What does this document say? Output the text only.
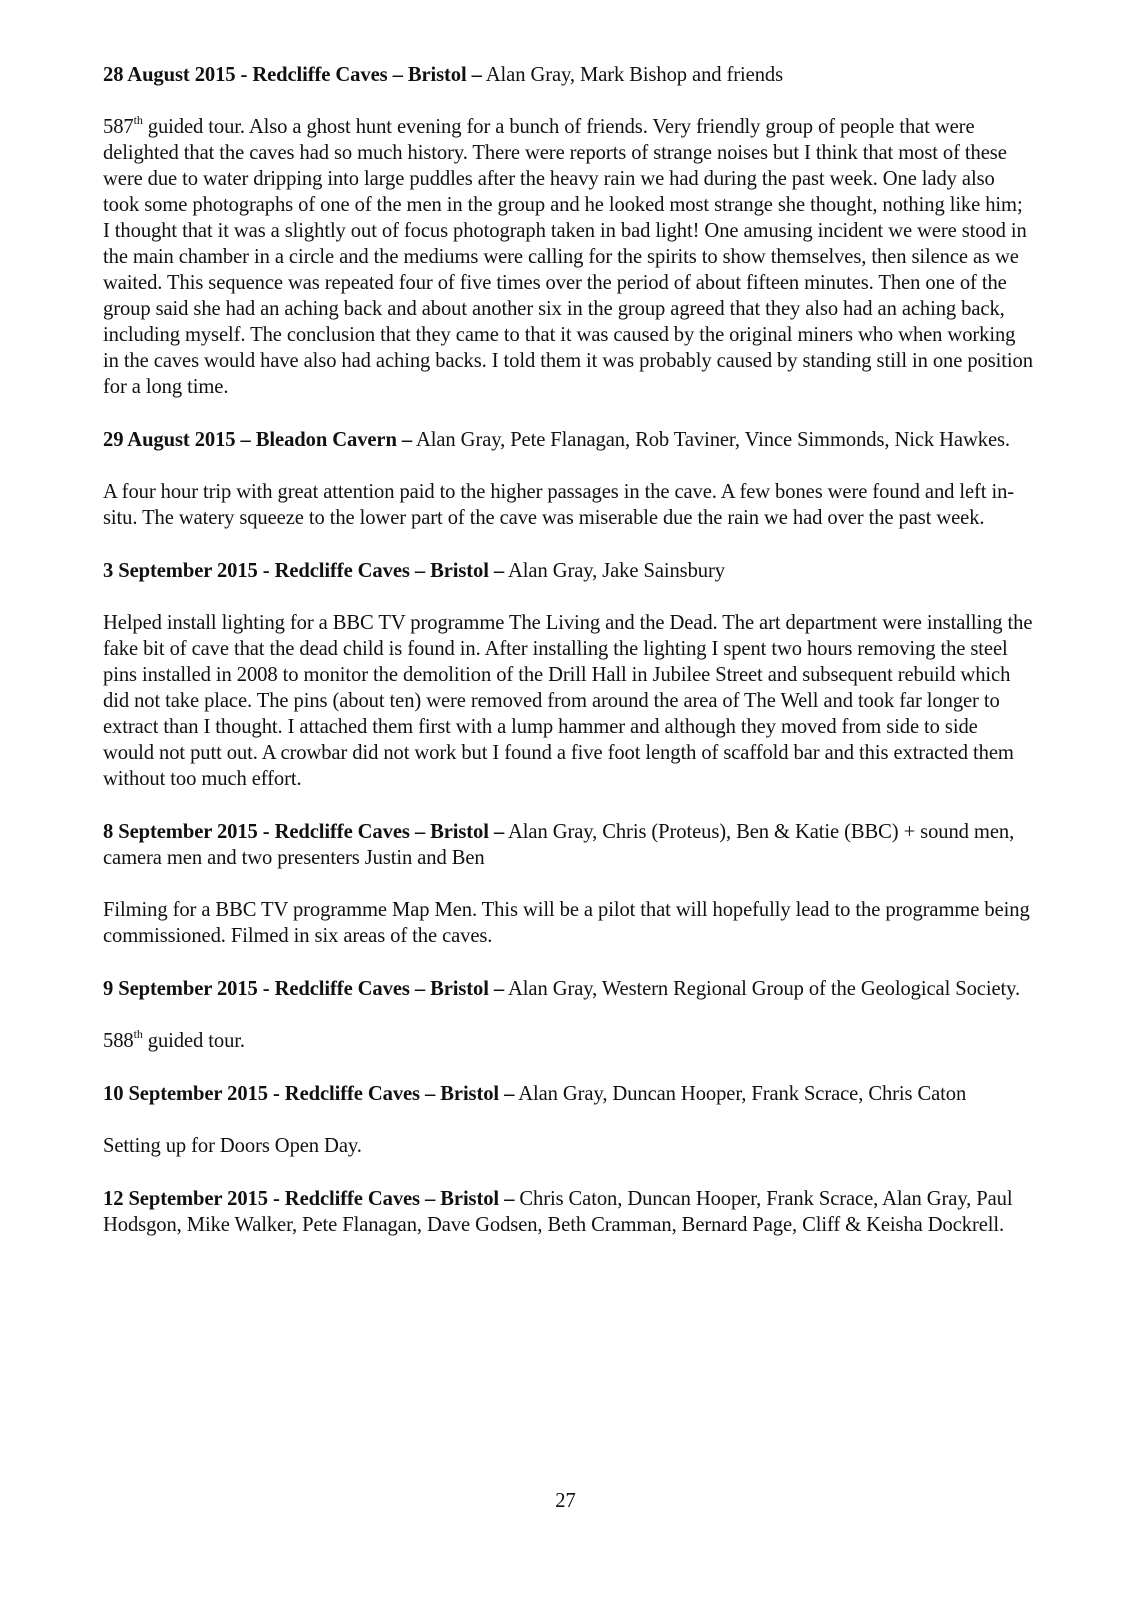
28 August 2015 - Redcliffe Caves – Bristol – Alan Gray, Mark Bishop and friends

587th guided tour. Also a ghost hunt evening for a bunch of friends. Very friendly group of people that were delighted that the caves had so much history. There were reports of strange noises but I think that most of these were due to water dripping into large puddles after the heavy rain we had during the past week. One lady also took some photographs of one of the men in the group and he looked most strange she thought, nothing like him; I thought that it was a slightly out of focus photograph taken in bad light! One amusing incident we were stood in the main chamber in a circle and the mediums were calling for the spirits to show themselves, then silence as we waited. This sequence was repeated four of five times over the period of about fifteen minutes. Then one of the group said she had an aching back and about another six in the group agreed that they also had an aching back, including myself. The conclusion that they came to that it was caused by the original miners who when working in the caves would have also had aching backs. I told them it was probably caused by standing still in one position for a long time.

29 August 2015 – Bleadon Cavern – Alan Gray, Pete Flanagan, Rob Taviner, Vince Simmonds, Nick Hawkes.

A four hour trip with great attention paid to the higher passages in the cave. A few bones were found and left in-situ. The watery squeeze to the lower part of the cave was miserable due the rain we had over the past week.

3 September 2015 - Redcliffe Caves – Bristol – Alan Gray, Jake Sainsbury

Helped install lighting for a BBC TV programme The Living and the Dead. The art department were installing the fake bit of cave that the dead child is found in. After installing the lighting I spent two hours removing the steel pins installed in 2008 to monitor the demolition of the Drill Hall in Jubilee Street and subsequent rebuild which did not take place. The pins (about ten) were removed from around the area of The Well and took far longer to extract than I thought. I attached them first with a lump hammer and although they moved from side to side would not putt out. A crowbar did not work but I found a five foot length of scaffold bar and this extracted them without too much effort.

8 September 2015 - Redcliffe Caves – Bristol – Alan Gray, Chris (Proteus), Ben & Katie (BBC) + sound men, camera men and two presenters Justin and Ben

Filming for a BBC TV programme Map Men. This will be a pilot that will hopefully lead to the programme being commissioned. Filmed in six areas of the caves.

9 September 2015 - Redcliffe Caves – Bristol – Alan Gray, Western Regional Group of the Geological Society.

588th guided tour.

10 September 2015 - Redcliffe Caves – Bristol – Alan Gray, Duncan Hooper, Frank Scrace, Chris Caton

Setting up for Doors Open Day.

12 September 2015 - Redcliffe Caves – Bristol – Chris Caton, Duncan Hooper, Frank Scrace, Alan Gray, Paul Hodsgon, Mike Walker, Pete Flanagan, Dave Godsen, Beth Cramman, Bernard Page, Cliff & Keisha Dockrell.

27
